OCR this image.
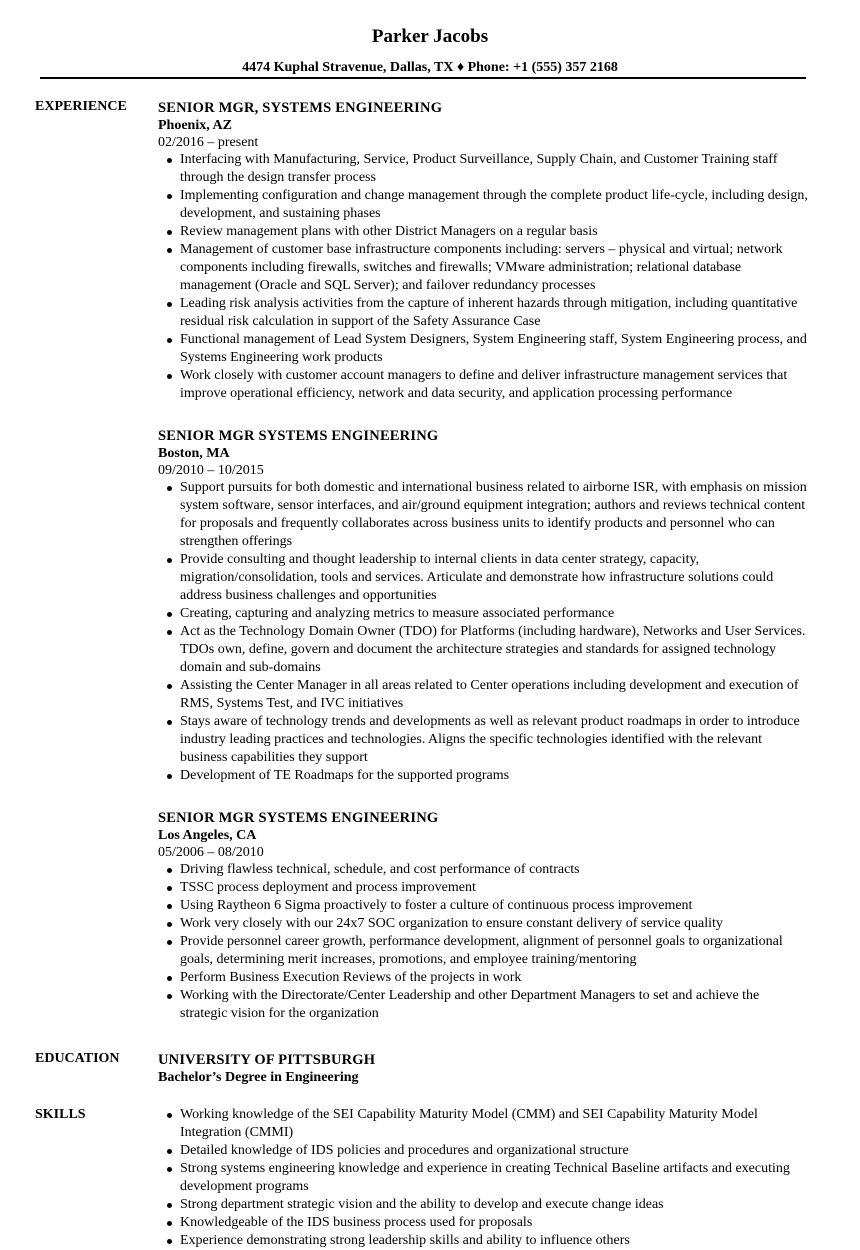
Parker Jacobs
4474 Kuphal Stravenue, Dallas, TX ♦ Phone: +1 (555) 357 2168
EXPERIENCE SENIOR MGR, SYSTEMS ENGINEERING
Phoenix, AZ
02/2016 – present
Interfacing with Manufacturing, Service, Product Surveillance, Supply Chain, and Customer Training staff through the design transfer process
Implementing configuration and change management through the complete product life-cycle, including design, development, and sustaining phases
Review management plans with other District Managers on a regular basis
Management of customer base infrastructure components including: servers – physical and virtual; network components including firewalls, switches and firewalls; VMware administration; relational database management (Oracle and SQL Server); and failover redundancy processes
Leading risk analysis activities from the capture of inherent hazards through mitigation, including quantitative residual risk calculation in support of the Safety Assurance Case
Functional management of Lead System Designers, System Engineering staff, System Engineering process, and Systems Engineering work products
Work closely with customer account managers to define and deliver infrastructure management services that improve operational efficiency, network and data security, and application processing performance
SENIOR MGR SYSTEMS ENGINEERING
Boston, MA
09/2010 – 10/2015
Support pursuits for both domestic and international business related to airborne ISR, with emphasis on mission system software, sensor interfaces, and air/ground equipment integration; authors and reviews technical content for proposals and frequently collaborates across business units to identify products and personnel who can strengthen offerings
Provide consulting and thought leadership to internal clients in data center strategy, capacity, migration/consolidation, tools and services. Articulate and demonstrate how infrastructure solutions could address business challenges and opportunities
Creating, capturing and analyzing metrics to measure associated performance
Act as the Technology Domain Owner (TDO) for Platforms (including hardware), Networks and User Services. TDOs own, define, govern and document the architecture strategies and standards for assigned technology domain and sub-domains
Assisting the Center Manager in all areas related to Center operations including development and execution of RMS, Systems Test, and IVC initiatives
Stays aware of technology trends and developments as well as relevant product roadmaps in order to introduce industry leading practices and technologies. Aligns the specific technologies identified with the relevant business capabilities they support
Development of TE Roadmaps for the supported programs
SENIOR MGR SYSTEMS ENGINEERING
Los Angeles, CA
05/2006 – 08/2010
Driving flawless technical, schedule, and cost performance of contracts
TSSC process deployment and process improvement
Using Raytheon 6 Sigma proactively to foster a culture of continuous process improvement
Work very closely with our 24x7 SOC organization to ensure constant delivery of service quality
Provide personnel career growth, performance development, alignment of personnel goals to organizational goals, determining merit increases, promotions, and employee training/mentoring
Perform Business Execution Reviews of the projects in work
Working with the Directorate/Center Leadership and other Department Managers to set and achieve the strategic vision for the organization
EDUCATION	UNIVERSITY OF PITTSBURGH
Bachelor’s Degree in Engineering
SKILLS	Working knowledge of the SEI Capability Maturity Model (CMM) and SEI Capability Maturity Model Integration (CMMI)
Detailed knowledge of IDS policies and procedures and organizational structure
Strong systems engineering knowledge and experience in creating Technical Baseline artifacts and executing development programs
Strong department strategic vision and the ability to develop and execute change ideas
Knowledgeable of the IDS business process used for proposals
Experience demonstrating strong leadership skills and ability to influence others
